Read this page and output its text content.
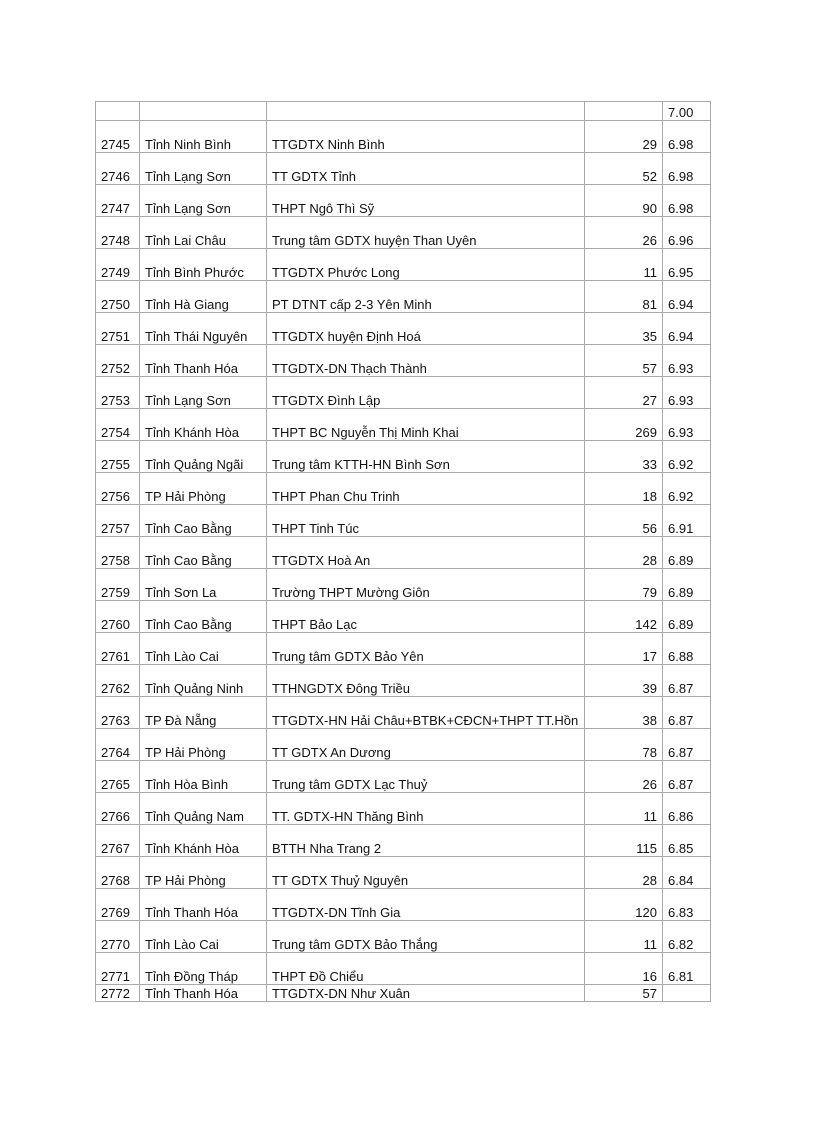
				7.00
2745	Tỉnh Ninh Bình	TTGDTX Ninh Bình	29	6.98
2746	Tỉnh Lạng Sơn	TT GDTX Tỉnh	52	6.98
2747	Tỉnh Lạng Sơn	THPT Ngô Thì Sỹ	90	6.98
2748	Tỉnh Lai Châu	Trung tâm GDTX huyện Than Uyên	26	6.96
2749	Tỉnh Bình Phước	TTGDTX Phước Long	11	6.95
2750	Tỉnh Hà Giang	PT DTNT cấp 2-3 Yên Minh	81	6.94
2751	Tỉnh Thái Nguyên	TTGDTX huyện Định Hoá	35	6.94
2752	Tỉnh Thanh Hóa	TTGDTX-DN Thạch Thành	57	6.93
2753	Tỉnh Lạng Sơn	TTGDTX Đình Lập	27	6.93
2754	Tỉnh Khánh Hòa	THPT BC Nguyễn Thị Minh Khai	269	6.93
2755	Tỉnh Quảng Ngãi	Trung tâm KTTH-HN Bình Sơn	33	6.92
2756	TP Hải Phòng	THPT Phan Chu Trinh	18	6.92
2757	Tỉnh Cao Bằng	THPT Tinh Túc	56	6.91
2758	Tỉnh Cao Bằng	TTGDTX Hoà An	28	6.89
2759	Tỉnh Sơn La	Trường THPT Mường Giôn	79	6.89
2760	Tỉnh Cao Bằng	THPT Bảo Lạc	142	6.89
2761	Tỉnh Lào Cai	Trung tâm GDTX Bảo Yên	17	6.88
2762	Tỉnh Quảng Ninh	TTHNGDTX Đông Triều	39	6.87
2763	TP Đà Nẵng	TTGDTX-HN Hải Châu+BTBK+CĐCN+THPT TT.Hồn	38	6.87
2764	TP Hải Phòng	TT GDTX An Dương	78	6.87
2765	Tỉnh Hòa Bình	Trung tâm GDTX Lạc Thuỷ	26	6.87
2766	Tỉnh Quảng Nam	TT. GDTX-HN Thăng Bình	11	6.86
2767	Tỉnh Khánh Hòa	BTTH Nha Trang 2	115	6.85
2768	TP Hải Phòng	TT GDTX Thuỷ Nguyên	28	6.84
2769	Tỉnh Thanh Hóa	TTGDTX-DN Tĩnh Gia	120	6.83
2770	Tỉnh Lào Cai	Trung tâm GDTX Bảo Thắng	11	6.82
2771	Tỉnh Đồng Tháp	THPT Đồ Chiểu	16	6.81
2772	Tỉnh Thanh Hóa	TTGDTX-DN Như Xuân	57	
